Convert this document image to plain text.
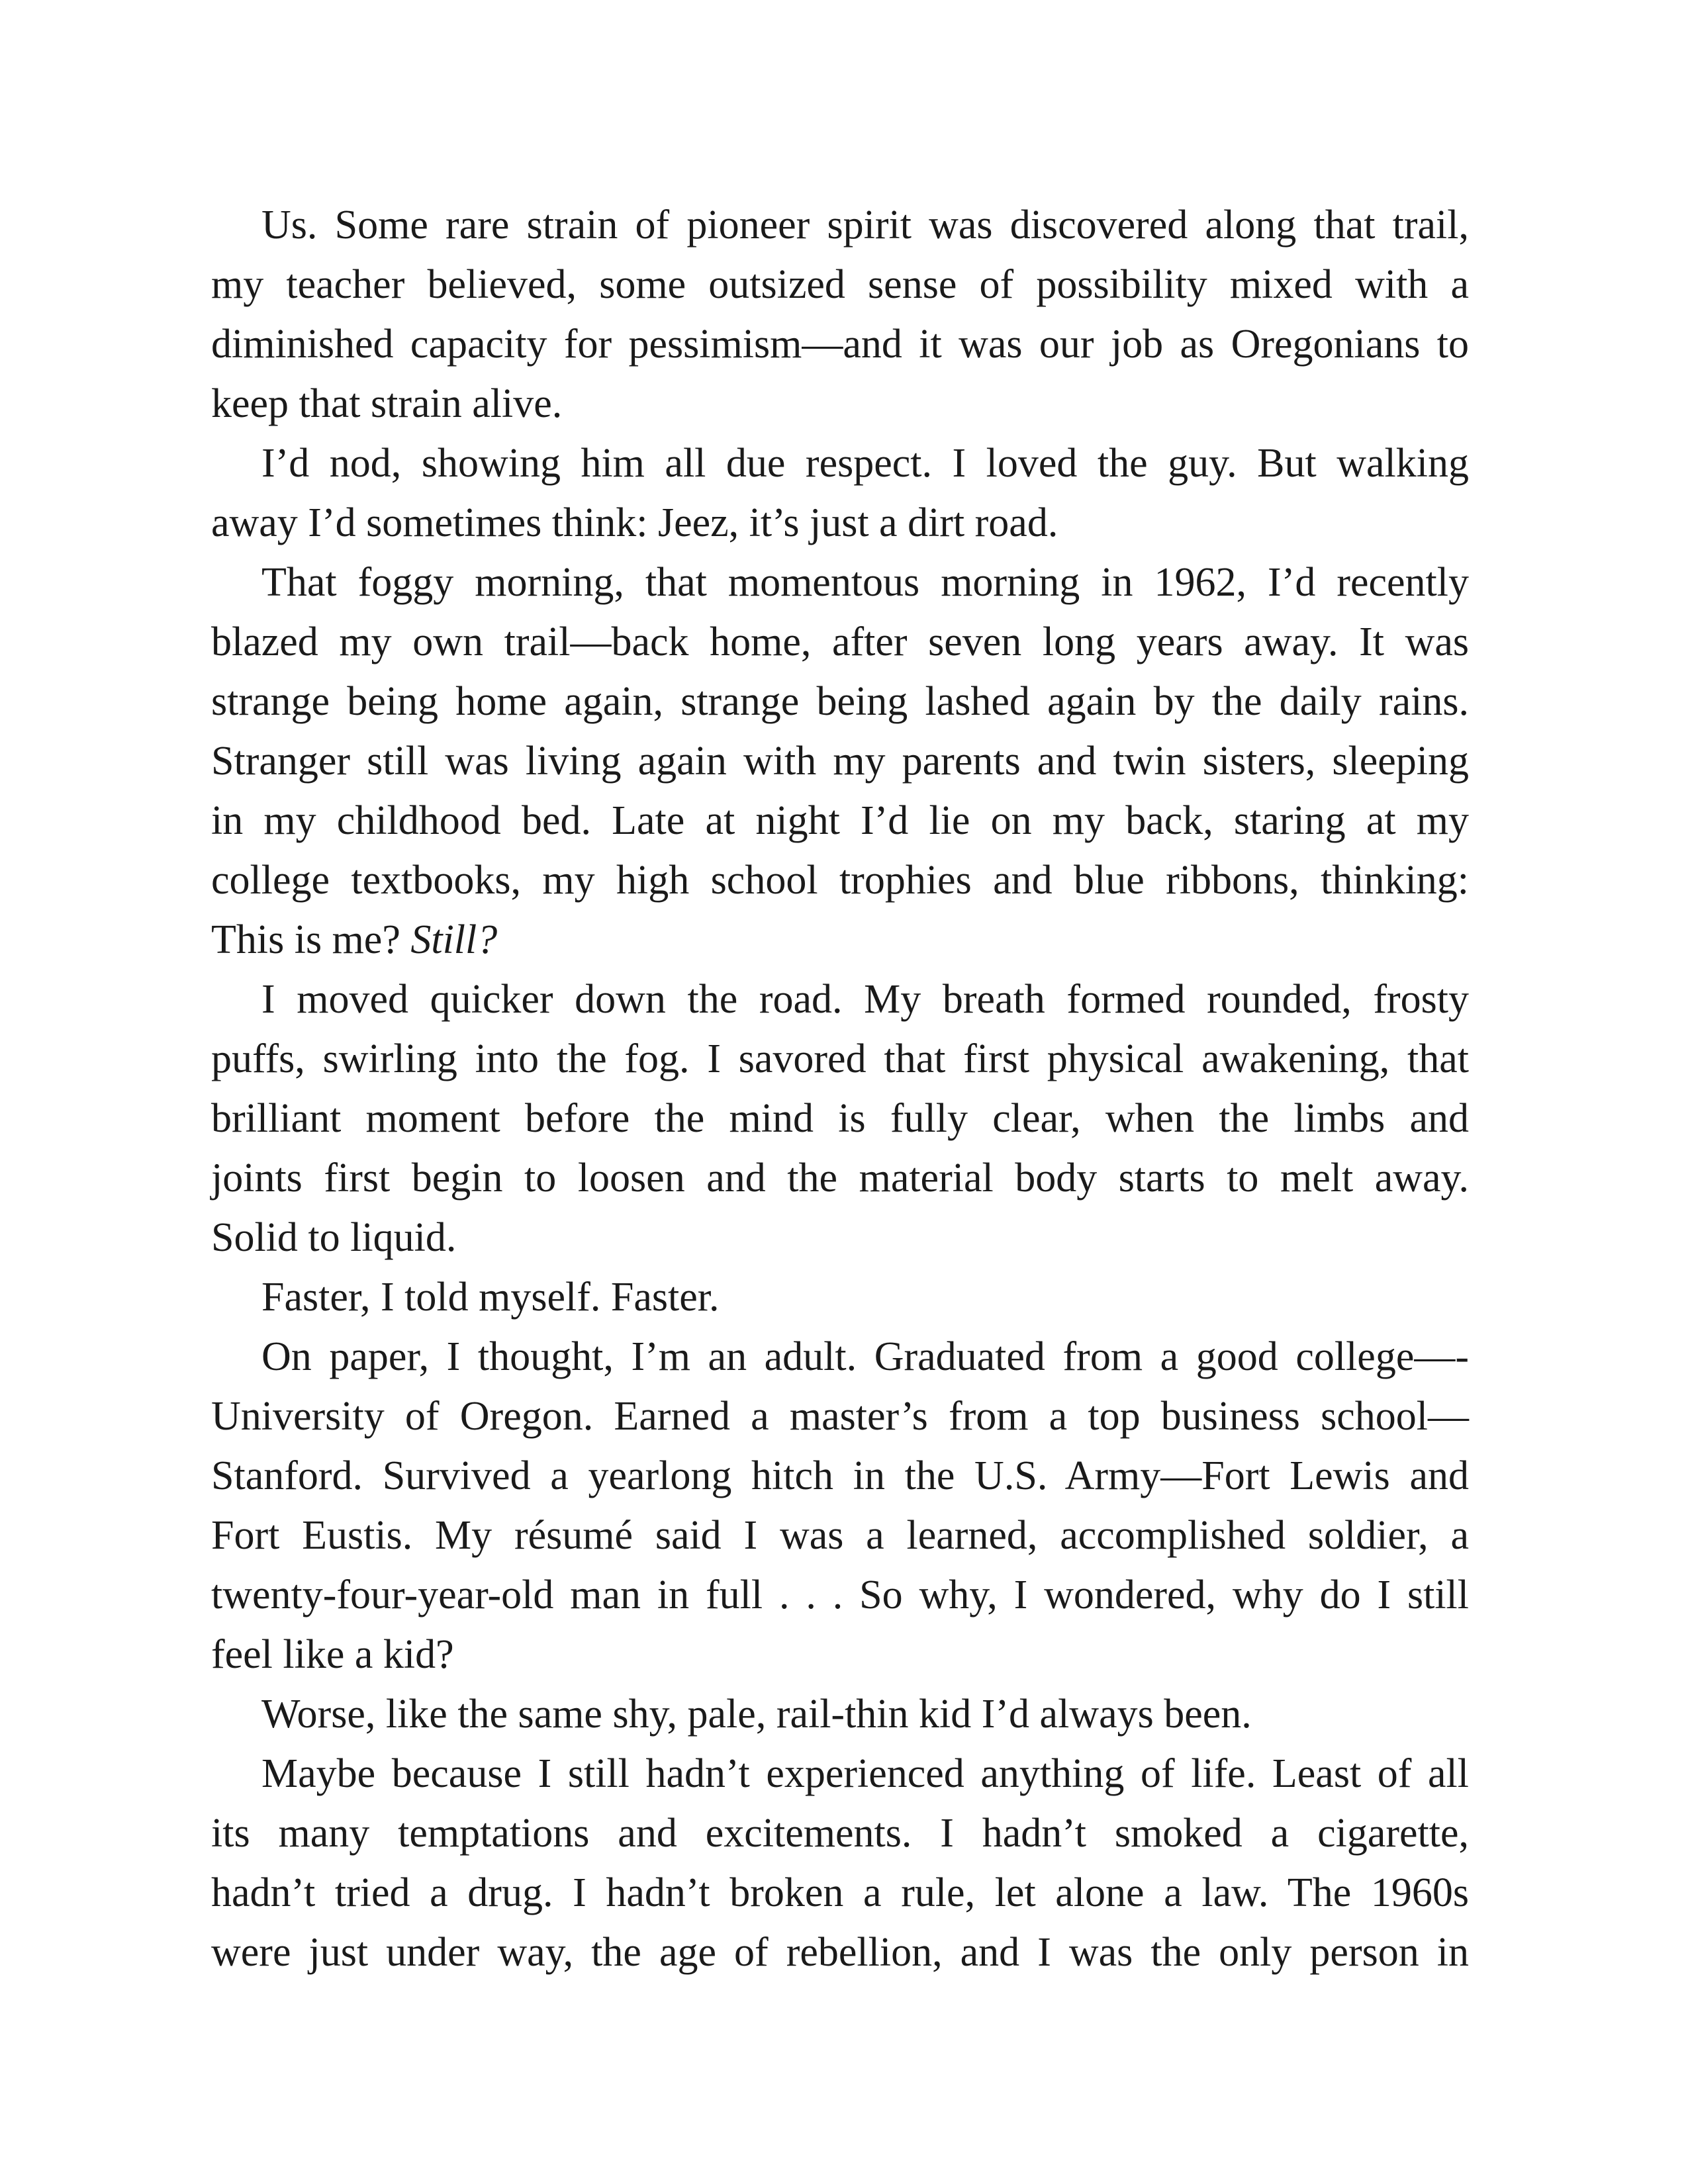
Us. Some rare strain of pioneer spirit was discovered along that trail,
my teacher believed, some outsized sense of possibility mixed with a
diminished capacity for pessimism—and it was our job as Oregonians to
keep that strain alive.
I’d nod, showing him all due respect. I loved the guy. But walking
away I’d sometimes think: Jeez, it’s just a dirt road.
That foggy morning, that momentous morning in 1962, I’d recently
blazed my own trail—back home, after seven long years away. It was
strange being home again, strange being lashed again by the daily rains.
Stranger still was living again with my parents and twin sisters, sleeping
in my childhood bed. Late at night I’d lie on my back, staring at my
college textbooks, my high school trophies and blue ribbons, thinking:
This is me? Still?
I moved quicker down the road. My breath formed rounded, frosty
puffs, swirling into the fog. I savored that first physical awakening, that
brilliant moment before the mind is fully clear, when the limbs and
joints first begin to loosen and the material body starts to melt away.
Solid to liquid.
Faster, I told myself. Faster.
On paper, I thought, I’m an adult. Graduated from a good college—-
University of Oregon. Earned a master’s from a top business school—
Stanford. Survived a yearlong hitch in the U.S. Army—Fort Lewis and
Fort Eustis. My résumé said I was a learned, accomplished soldier, a
twenty-four-year-old man in full . . . So why, I wondered, why do I still
feel like a kid?
Worse, like the same shy, pale, rail-thin kid I’d always been.
Maybe because I still hadn’t experienced anything of life. Least of all
its many temptations and excitements. I hadn’t smoked a cigarette,
hadn’t tried a drug. I hadn’t broken a rule, let alone a law. The 1960s
were just under way, the age of rebellion, and I was the only person in
